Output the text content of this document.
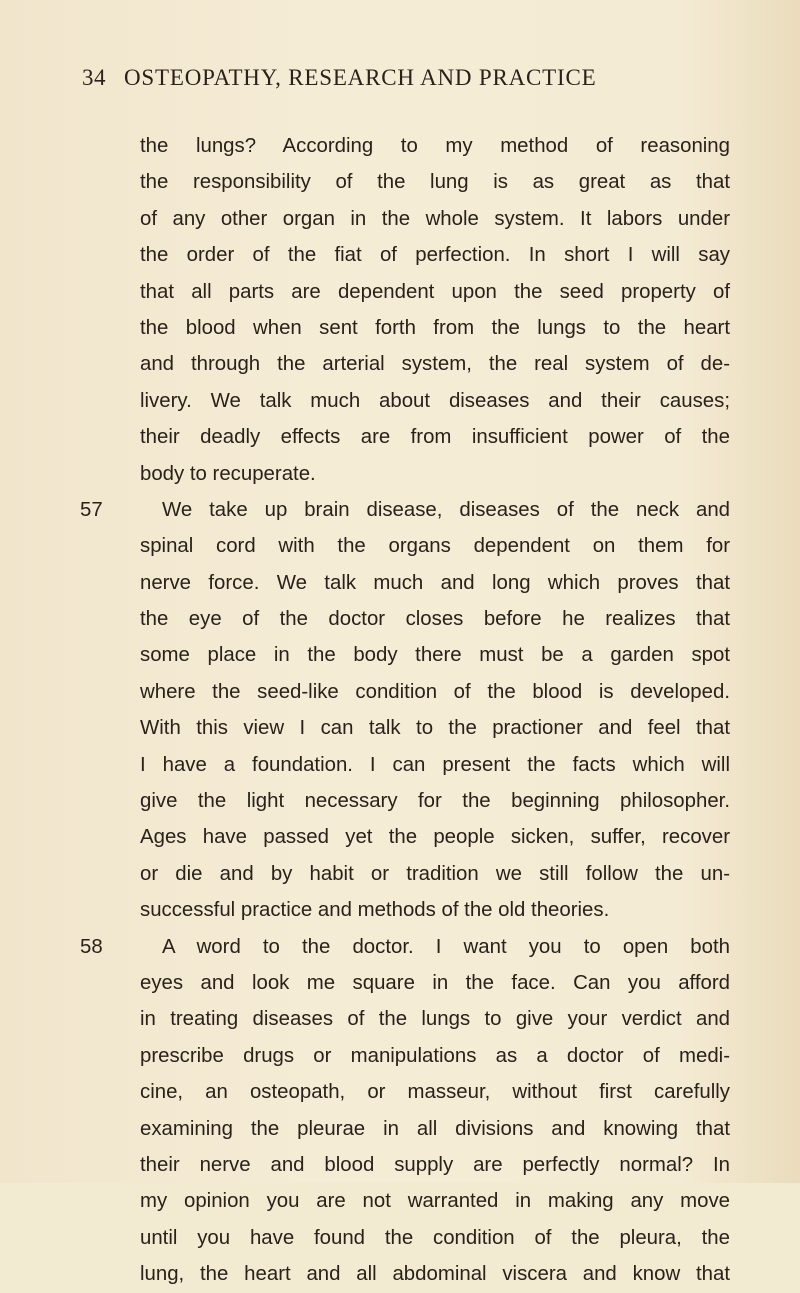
34 OSTEOPATHY, RESEARCH AND PRACTICE
the lungs? According to my method of reasoning
the responsibility of the lung is as great as that
of any other organ in the whole system. It labors under
the order of the fiat of perfection. In short I will say
that all parts are dependent upon the seed property of
the blood when sent forth from the lungs to the heart
and through the arterial system, the real system of de-
livery. We talk much about diseases and their causes;
their deadly effects are from insufficient power of the
body to recuperate.
57	We take up brain disease, diseases of the neck and
spinal cord with the organs dependent on them for
nerve force. We talk much and long which proves that
the eye of the doctor closes before he realizes that
some place in the body there must be a garden spot
where the seed-like condition of the blood is developed.
With this view I can talk to the practioner and feel that
I have a foundation. I can present the facts which will
give the light necessary for the beginning philosopher.
Ages have passed yet the people sicken, suffer, recover
or die and by habit or tradition we still follow the un-
successful practice and methods of the old theories.
58	A word to the doctor. I want you to open both
eyes and look me square in the face. Can you afford
in treating diseases of the lungs to give your verdict and
prescribe drugs or manipulations as a doctor of medi-
cine, an osteopath, or masseur, without first carefully
examining the pleurae in all divisions and knowing that
their nerve and blood supply are perfectly normal? In
my opinion you are not warranted in making any move
until you have found the condition of the pleura, the
lung, the heart and all abdominal viscera and know that
